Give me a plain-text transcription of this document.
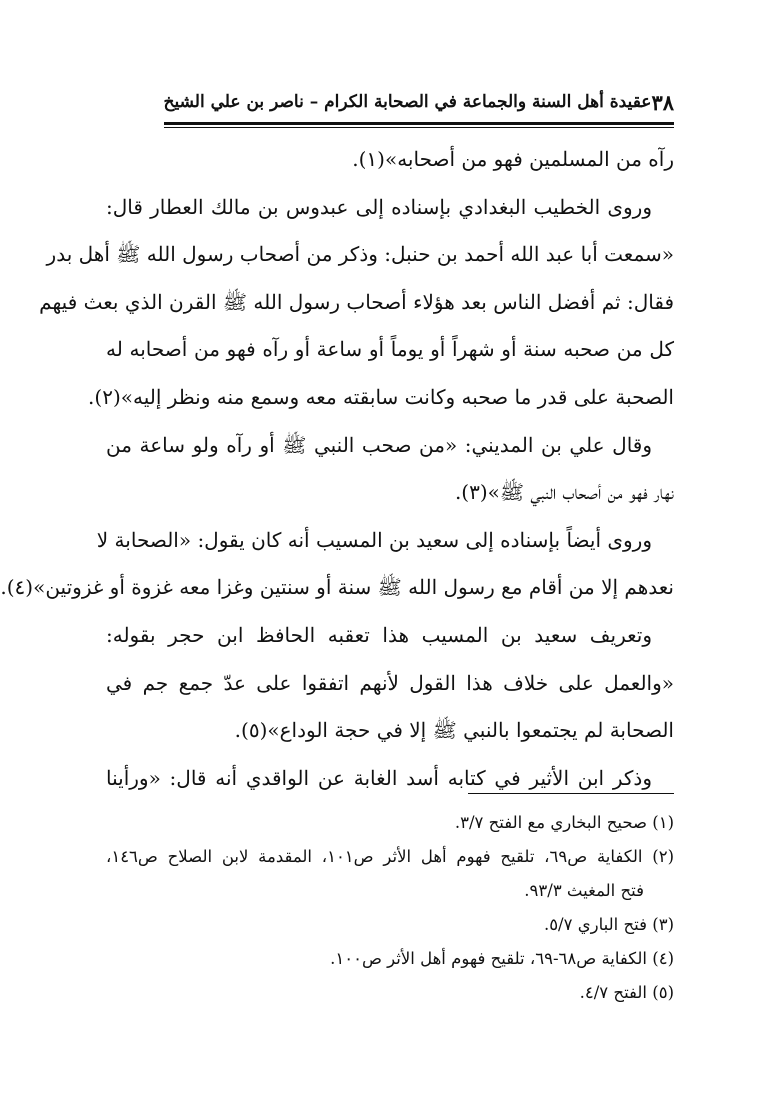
٣٨
عقيدة أهل السنة والجماعة في الصحابة الكرام – ناصر بن علي الشيخ
رآه من المسلمين فهو من أصحابه»(١).
وروى الخطيب البغدادي بإسناده إلى عبدوس بن مالك العطار قال:
«سمعت أبا عبد الله أحمد بن حنبل: وذكر من أصحاب رسول الله ﷺ أهل بدر
فقال: ثم أفضل الناس بعد هؤلاء أصحاب رسول الله ﷺ القرن الذي بعث فيهم
كل من صحبه سنة أو شهراً أو يوماً أو ساعة أو رآه فهو من أصحابه له
الصحبة على قدر ما صحبه وكانت سابقته معه وسمع منه ونظر إليه»(٢).
وقال علي بن المديني: «من صحب النبي ﷺ أو رآه ولو ساعة من
نهار فهو من أصحاب النبي ﷺ»(٣).
وروى أيضاً بإسناده إلى سعيد بن المسيب أنه كان يقول: «الصحابة لا
نعدهم إلا من أقام مع رسول الله ﷺ سنة أو سنتين وغزا معه غزوة أو غزوتين»(٤).
وتعريف سعيد بن المسيب هذا تعقبه الحافظ ابن حجر بقوله:
«والعمل على خلاف هذا القول لأنهم اتفقوا على عدّ جمع جم في
الصحابة لم يجتمعوا بالنبي ﷺ إلا في حجة الوداع»(٥).
وذكر ابن الأثير في كتابه أسد الغابة عن الواقدي أنه قال: «ورأينا
(١) صحيح البخاري مع الفتح ٣/٧.
(٢) الكفاية ص٦٩، تلقيح فهوم أهل الأثر ص١٠١، المقدمة لابن الصلاح ص١٤٦،
فتح المغيث ٩٣/٣.
(٣) فتح الباري ٥/٧.
(٤) الكفاية ص٦٨-٦٩، تلقيح فهوم أهل الأثر ص١٠٠.
(٥) الفتح ٤/٧.
